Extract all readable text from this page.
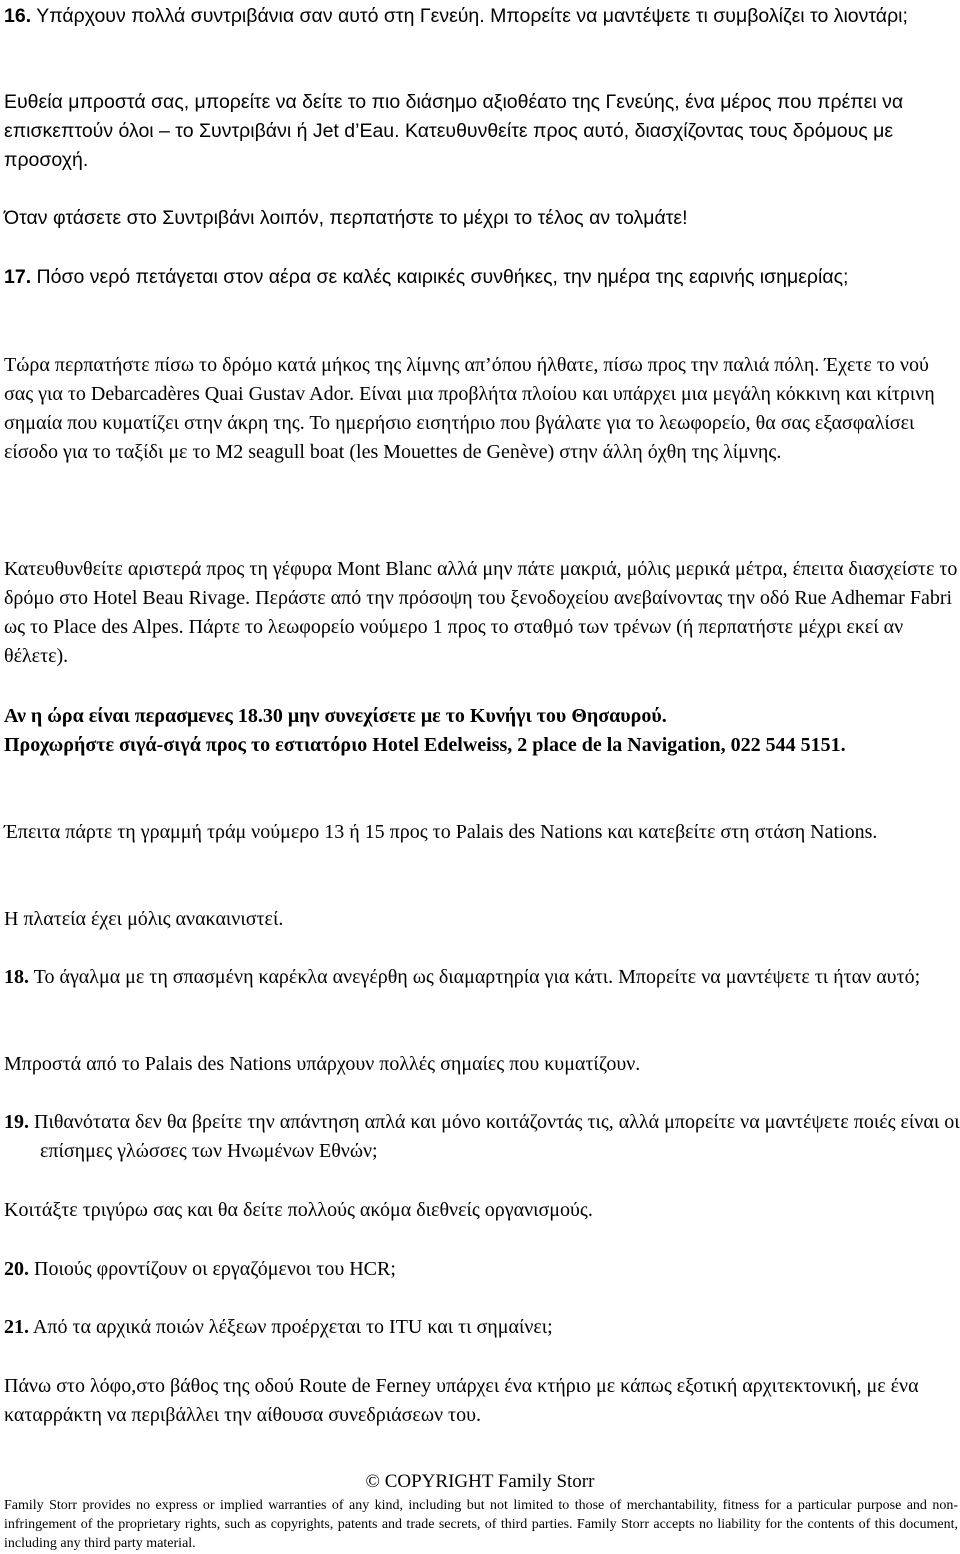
16. Υπάρχουν πολλά συντριβάνια σαν αυτό στη Γενεύη. Μπορείτε να μαντέψετε τι συμβολίζει το λιοντάρι;

Ευθεία μπροστά σας, μπορείτε να δείτε το πιο διάσημο αξιοθέατο της Γενεύης, ένα μέρος που πρέπει να επισκεπτούν όλοι – το Συντριβάνι ή Jet d’Eau. Κατευθυνθείτε προς αυτό, διασχίζοντας τους δρόμους με προσοχή.

Όταν φτάσετε στο Συντριβάνι λοιπόν, περπατήστε το μέχρι το τέλος αν τολμάτε!

17. Πόσο νερό πετάγεται στον αέρα σε καλές καιρικές συνθήκες, την ημέρα της εαρινής ισημερίας;

Τώρα περπατήστε πίσω το δρόμο κατά μήκος της λίμνης απ’όπου ήλθατε, πίσω προς την παλιά πόλη. Έχετε το νού σας για το Debarcadères Quai Gustav Ador. Είναι μια προβλήτα πλοίου και υπάρχει μια μεγάλη κόκκινη και κίτρινη σημαία που κυματίζει στην άκρη της. Το ημερήσιο εισητήριο που βγάλατε για το λεωφορείο, θα σας εξασφαλίσει είσοδο για το ταξίδι με το M2 seagull boat (les Mouettes de Genève) στην άλλη όχθη της λίμνης.

Κατευθυνθείτε αριστερά προς τη γέφυρα Mont Blanc αλλά μην πάτε μακριά, μόλις μερικά μέτρα, έπειτα διασχείστε το δρόμο στο Hotel Beau Rivage. Περάστε από την πρόσοψη του ξενοδοχείου ανεβαίνοντας την οδό Rue Adhemar Fabri ως το Place des Alpes. Πάρτε το λεωφορείο νούμερο 1 προς το σταθμό των τρένων (ή περπατήστε μέχρι εκεί αν θέλετε).

Αν η ώρα είναι περασμενες 18.30 μην συνεχίσετε με το Κυνήγι του Θησαυρού.

Προχωρήστε σιγά-σιγά προς το εστιατόριο Hotel Edelweiss, 2 place de la Navigation, 022 544 5151.

Έπειτα πάρτε τη γραμμή τράμ νούμερο 13 ή 15 προς το Palais des Nations και κατεβείτε στη στάση Nations.

Η πλατεία έχει μόλις ανακαινιστεί.

18. Το άγαλμα με τη σπασμένη καρέκλα ανεγέρθη ως διαμαρτηρία για κάτι. Μπορείτε να μαντέψετε τι ήταν αυτό;

Μπροστά από το Palais des Nations υπάρχουν πολλές σημαίες που κυματίζουν.

19. Πιθανότατα δεν θα βρείτε την απάντηση απλά και μόνο κοιτάζοντάς τις, αλλά μπορείτε να μαντέψετε ποιές είναι οι επίσημες γλώσσες των Ηνωμένων Εθνών;

Κοιτάξτε τριγύρω σας και θα δείτε πολλούς ακόμα διεθνείς οργανισμούς.

20. Ποιούς φροντίζουν οι εργαζόμενοι του HCR;

21. Από τα αρχικά ποιών λέξεων προέρχεται το ITU και τι σημαίνει;

Πάνω στο λόφο,στο βάθος της οδού Route de Ferney υπάρχει ένα κτήριο με κάπως εξοτική αρχιτεκτονική, με ένα καταρράκτη να περιβάλλει την αίθουσα συνεδριάσεων του.

© COPYRIGHT Family Storr
Family Storr provides no express or implied warranties of any kind, including but not limited to those of merchantability, fitness for a particular purpose and non-infringement of the proprietary rights, such as copyrights, patents and trade secrets, of third parties. Family Storr accepts no liability for the contents of this document, including any third party material.
